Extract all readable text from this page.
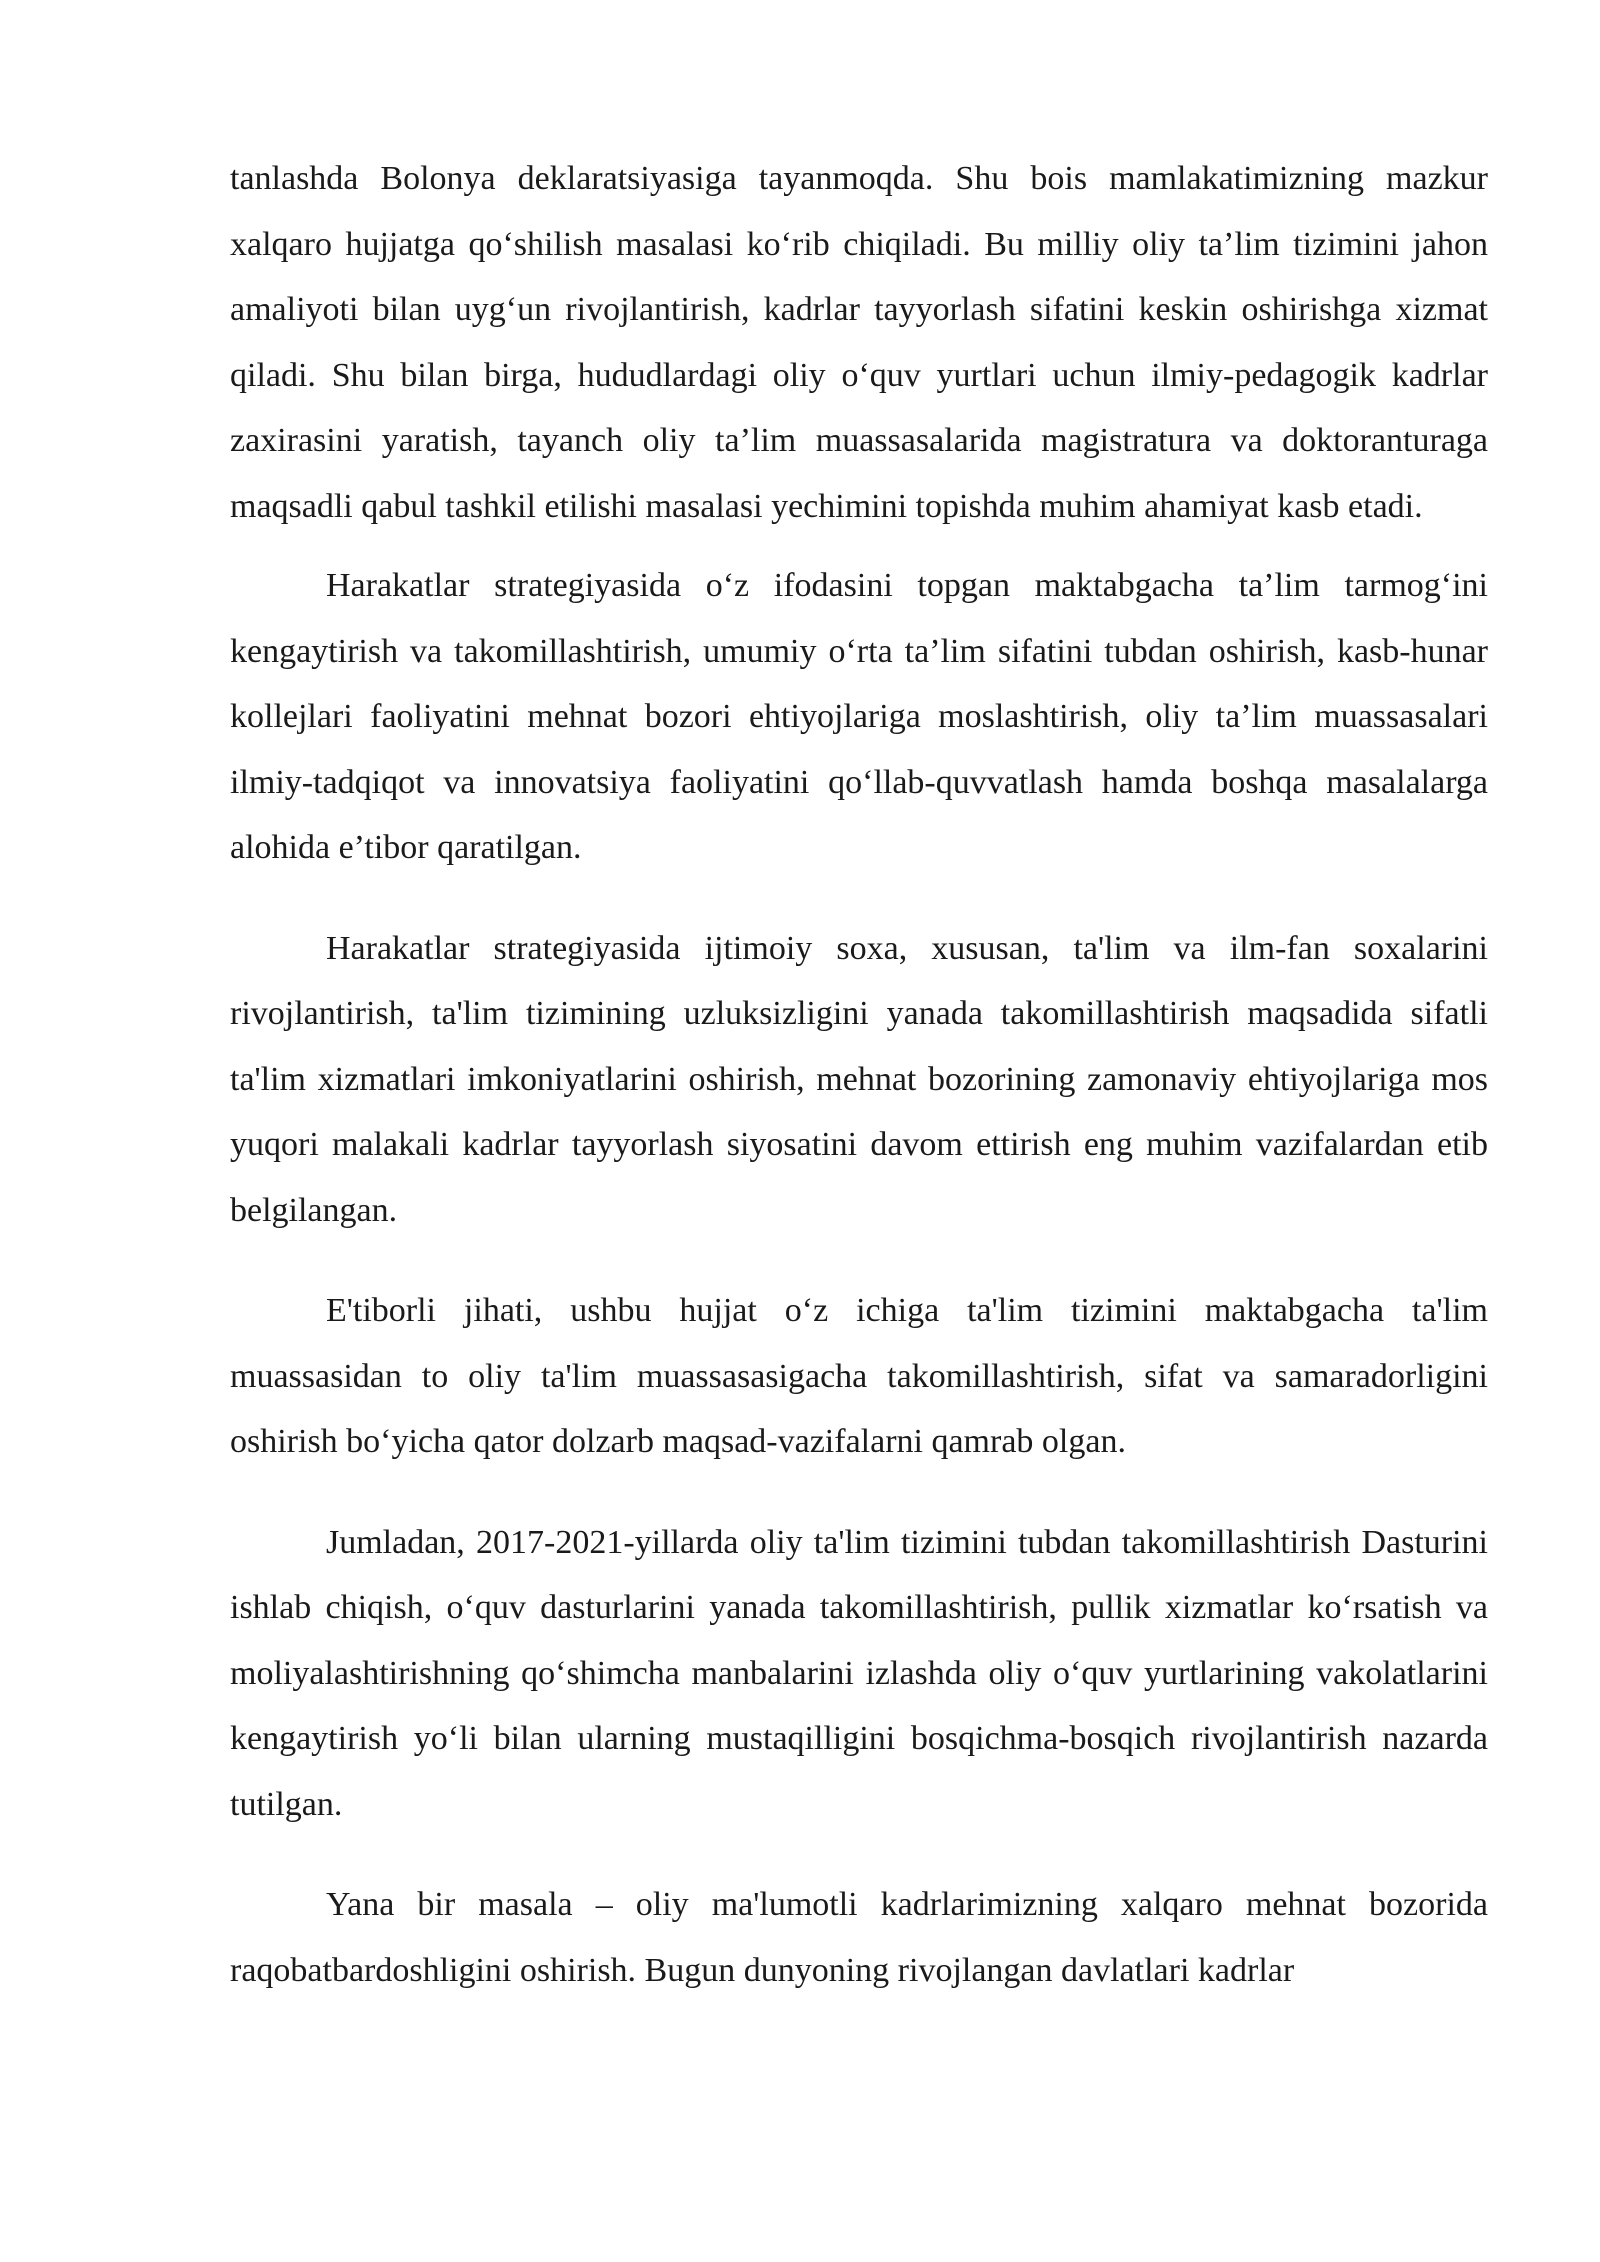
tanlashda Bolonya deklaratsiyasiga tayanmoqda. Shu bois mamlakatimizning mazkur xalqaro hujjatga qo‘shilish masalasi ko‘rib chiqiladi. Bu milliy oliy ta’lim tizimini jahon amaliyoti bilan uyg‘un rivojlantirish, kadrlar tayyorlash sifatini keskin oshirishga xizmat qiladi. Shu bilan birga, hududlardagi oliy o‘quv yurtlari uchun ilmiy-pedagogik kadrlar zaxirasini yaratish, tayanch oliy ta’lim muassasalarida magistratura va doktoranturaga maqsadli qabul tashkil etilishi masalasi yechimini topishda muhim ahamiyat kasb etadi.

Harakatlar strategiyasida o‘z ifodasini topgan maktabgacha ta’lim tarmog‘ini kengaytirish va takomillashtirish, umumiy o‘rta ta’lim sifatini tubdan oshirish, kasb-hunar kollejlari faoliyatini mehnat bozori ehtiyojlariga moslashtirish, oliy ta’lim muassasalari ilmiy-tadqiqot va innovatsiya faoliyatini qo‘llab-quvvatlash hamda boshqa masalalarga alohida e’tibor qaratilgan.

Harakatlar strategiyasida ijtimoiy soxa, xususan, ta'lim va ilm-fan soxalarini rivojlantirish, ta'lim tizimining uzluksizligini yanada takomillashtirish maqsadida sifatli ta'lim xizmatlari imkoniyatlarini oshirish, mehnat bozorining zamonaviy ehtiyojlariga mos yuqori malakali kadrlar tayyorlash siyosatini davom ettirish eng muhim vazifalardan etib belgilangan.

E'tiborli jihati, ushbu hujjat o‘z ichiga ta'lim tizimini maktabgacha ta'lim muassasidan to oliy ta'lim muassasasigacha takomillashtirish, sifat va samaradorligini oshirish bo‘yicha qator dolzarb maqsad-vazifalarni qamrab olgan.

Jumladan, 2017-2021-yillarda oliy ta'lim tizimini tubdan takomillashtirish Dasturini ishlab chiqish, o‘quv dasturlarini yanada takomillashtirish, pullik xizmatlar ko‘rsatish va moliyalashtirishning qo‘shimcha manbalarini izlashda oliy o‘quv yurtlarining vakolatlarini kengaytirish yo‘li bilan ularning mustaqilligini bosqichma-bosqich rivojlantirish nazarda tutilgan.

Yana bir masala – oliy ma'lumotli kadrlarimizning xalqaro mehnat bozorida raqobatbardoshligini oshirish. Bugun dunyoning rivojlangan davlatlari kadrlar
